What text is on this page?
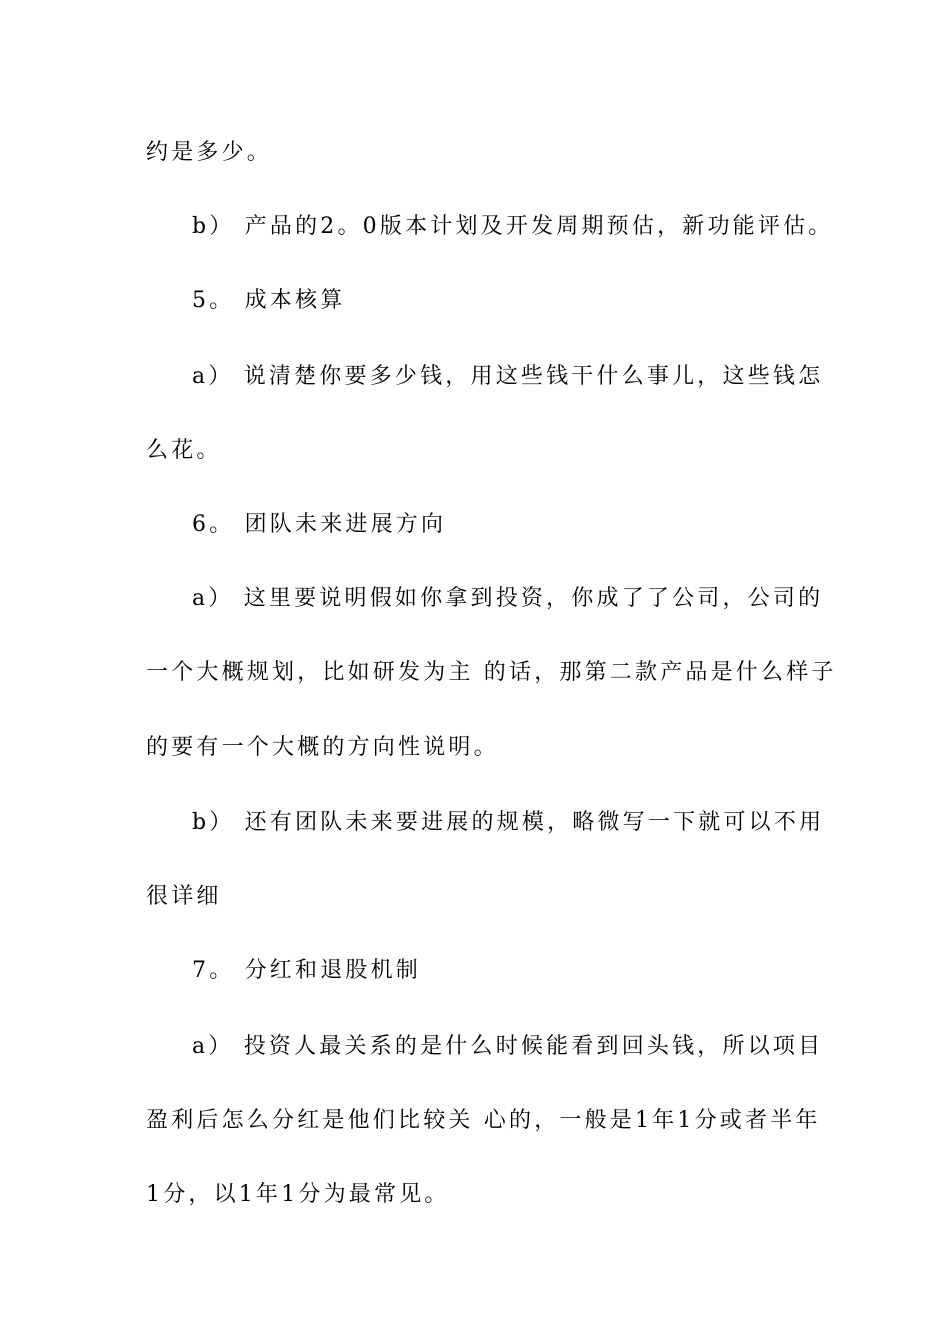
约是多少。
b） 产品的2。0版本计划及开发周期预估，新功能评估。
5。 成本核算
a） 说清楚你要多少钱，用这些钱干什么事儿，这些钱怎
么花。
6。 团队未来进展方向
a） 这里要说明假如你拿到投资，你成了了公司，公司的
一个大概规划，比如研发为主 的话，那第二款产品是什么样子
的要有一个大概的方向性说明。
b） 还有团队未来要进展的规模，略微写一下就可以不用
很详细
7。 分红和退股机制
a） 投资人最关系的是什么时候能看到回头钱，所以项目
盈利后怎么分红是他们比较关 心的，一般是1年1分或者半年
1分，以1年1分为最常见。
